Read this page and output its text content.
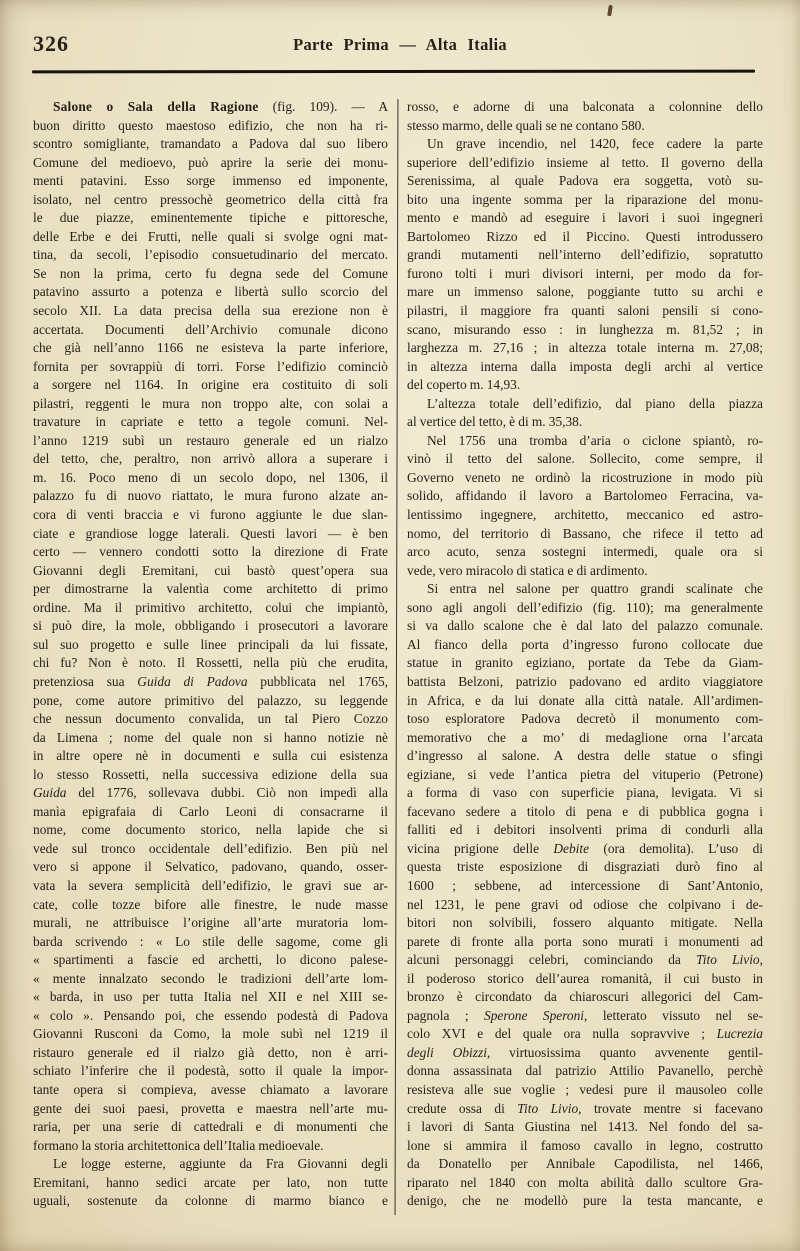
326	Parte Prima — Alta Italia
Salone o Sala della Ragione (fig. 109). — A
buon diritto questo maestoso edifizio, che non ha ri-
scontro somigliante, tramandato a Padova dal suo libero
Comune del medioevo, può aprire la serie dei monu-
menti patavini. Esso sorge immenso ed imponente,
isolato, nel centro pressochè geometrico della città fra
le due piazze, eminentemente tipiche e pittoresche,
delle Erbe e dei Frutti, nelle quali si svolge ogni mat-
tina, da secoli, l’episodio consuetudinario del mercato.
Se non la prima, certo fu degna sede del Comune
patavino assurto a potenza e libertà sullo scorcio del
secolo XII. La data precisa della sua erezione non è
accertata. Documenti dell’Archivio comunale dicono
che già nell’anno 1166 ne esisteva la parte inferiore,
fornita per sovrappiù di torri. Forse l’edifizio cominciò
a sorgere nel 1164. In origine era costituito di soli
pilastri, reggenti le mura non troppo alte, con solai a
travature in capriate e tetto a tegole comuni. Nel-
l’anno 1219 subì un restauro generale ed un rialzo
del tetto, che, peraltro, non arrivò allora a superare i
m. 16. Poco meno di un secolo dopo, nel 1306, il
palazzo fu di nuovo riattato, le mura furono alzate an-
cora di venti braccia e vi furono aggiunte le due slan-
ciate e grandiose logge laterali. Questi lavori — è ben
certo — vennero condotti sotto la direzione di Frate
Giovanni degli Eremitani, cui bastò quest’opera sua
per dimostrarne la valentìa come architetto di primo
ordine. Ma il primitivo architetto, colui che impiantò,
si può dire, la mole, obbligando i prosecutori a lavorare
sul suo progetto e sulle linee principali da lui fissate,
chi fu? Non è noto. Il Rossetti, nella più che erudita,
pretenziosa sua Guida di Padova pubblicata nel 1765,
pone, come autore primitivo del palazzo, su leggende
che nessun documento convalida, un tal Piero Cozzo
da Limena ; nome del quale non si hanno notizie nè
in altre opere nè in documenti e sulla cui esistenza
lo stesso Rossetti, nella successiva edizione della sua
Guida del 1776, sollevava dubbi. Ciò non impedì alla
manìa epigrafaia di Carlo Leoni di consacrarne il
nome, come documento storico, nella lapide che si
vede sul tronco occidentale dell’edifizio. Ben più nel
vero si appone il Selvatico, padovano, quando, osser-
vata la severa semplicità dell’edifizio, le gravi sue ar-
cate, colle tozze bifore alle finestre, le nude masse
murali, ne attribuisce l’origine all’arte muratoria lom-
barda scrivendo : « Lo stile delle sagome, come gli
« spartimenti a fascie ed archetti, lo dicono palese-
« mente innalzato secondo le tradizioni dell’arte lom-
« barda, in uso per tutta Italia nel XII e nel XIII se-
« colo ». Pensando poi, che essendo podestà di Padova
Giovanni Rusconi da Como, la mole subì nel 1219 il
ristauro generale ed il rialzo già detto, non è arri-
schiato l’inferire che il podestà, sotto il quale la impor-
tante opera si compieva, avesse chiamato a lavorare
gente dei suoi paesi, provetta e maestra nell’arte mu-
raria, per una serie di cattedrali e di monumenti che
formano la storia architettonica dell’Italia medioevale.
Le logge esterne, aggiunte da Fra Giovanni degli
Eremitani, hanno sedici arcate per lato, non tutte
uguali, sostenute da colonne di marmo bianco e
rosso, e adorne di una balconata a colonnine dello
stesso marmo, delle quali se ne contano 580.
Un grave incendio, nel 1420, fece cadere la parte
superiore dell’edifizio insieme al tetto. Il governo della
Serenissima, al quale Padova era soggetta, votò su-
bito una ingente somma per la riparazione del monu-
mento e mandò ad eseguire i lavori i suoi ingegneri
Bartolomeo Rizzo ed il Piccino. Questi introdussero
grandi mutamenti nell’interno dell’edifizio, sopratutto
furono tolti i muri divisori interni, per modo da for-
mare un immenso salone, poggiante tutto su archi e
pilastri, il maggiore fra quanti saloni pensili si cono-
scano, misurando esso : in lunghezza m. 81,52 ; in
larghezza m. 27,16 ; in altezza totale interna m. 27,08;
in altezza interna dalla imposta degli archi al vertice
del coperto m. 14,93.
L’altezza totale dell’edifizio, dal piano della piazza
al vertice del tetto, è di m. 35,38.
Nel 1756 una tromba d’aria o ciclone spiantò, ro-
vinò il tetto del salone. Sollecito, come sempre, il
Governo veneto ne ordinò la ricostruzione in modo più
solido, affidando il lavoro a Bartolomeo Ferracina, va-
lentissimo ingegnere, architetto, meccanico ed astro-
nomo, del territorio di Bassano, che rifece il tetto ad
arco acuto, senza sostegni intermedi, quale ora si
vede, vero miracolo di statica e di ardimento.
Si entra nel salone per quattro grandi scalinate che
sono agli angoli dell’edifizio (fig. 110); ma generalmente
si va dallo scalone che è dal lato del palazzo comunale.
Al fianco della porta d’ingresso furono collocate due
statue in granito egiziano, portate da Tebe da Giam-
battista Belzoni, patrizio padovano ed ardito viaggiatore
in Africa, e da lui donate alla città natale. All’ardimen-
toso esploratore Padova decretò il monumento com-
memorativo che a mo’ di medaglione orna l’arcata
d’ingresso al salone. A destra delle statue o sfingi
egiziane, si vede l’antica pietra del vituperio (Petrone)
a forma di vaso con superficie piana, levigata. Vi si
facevano sedere a titolo di pena e di pubblica gogna i
falliti ed i debitori insolventi prima di condurli alla
vicina prigione delle Debite (ora demolita). L’uso di
questa triste esposizione di disgraziati durò fino al
1600 ; sebbene, ad intercessione di Sant’Antonio,
nel 1231, le pene gravi od odiose che colpivano i de-
bitori non solvibili, fossero alquanto mitigate. Nella
parete di fronte alla porta sono murati i monumenti ad
alcuni personaggi celebri, cominciando da Tito Livio,
il poderoso storico dell’aurea romanità, il cui busto in
bronzo è circondato da chiaroscuri allegorici del Cam-
pagnola ; Sperone Speroni, letterato vissuto nel se-
colo XVI e del quale ora nulla sopravvive ; Lucrezia
degli Obizzi, virtuosissima quanto avvenente gentil-
donna assassinata dal patrizio Attilio Pavanello, perchè
resisteva alle sue voglie ; vedesi pure il mausoleo colle
credute ossa di Tito Livio, trovate mentre si facevano
i lavori di Santa Giustina nel 1413. Nel fondo del sa-
lone si ammira il famoso cavallo in legno, costrutto
da Donatello per Annibale Capodilista, nel 1466,
riparato nel 1840 con molta abilità dallo scultore Gra-
denigo, che ne modellò pure la testa mancante, e
